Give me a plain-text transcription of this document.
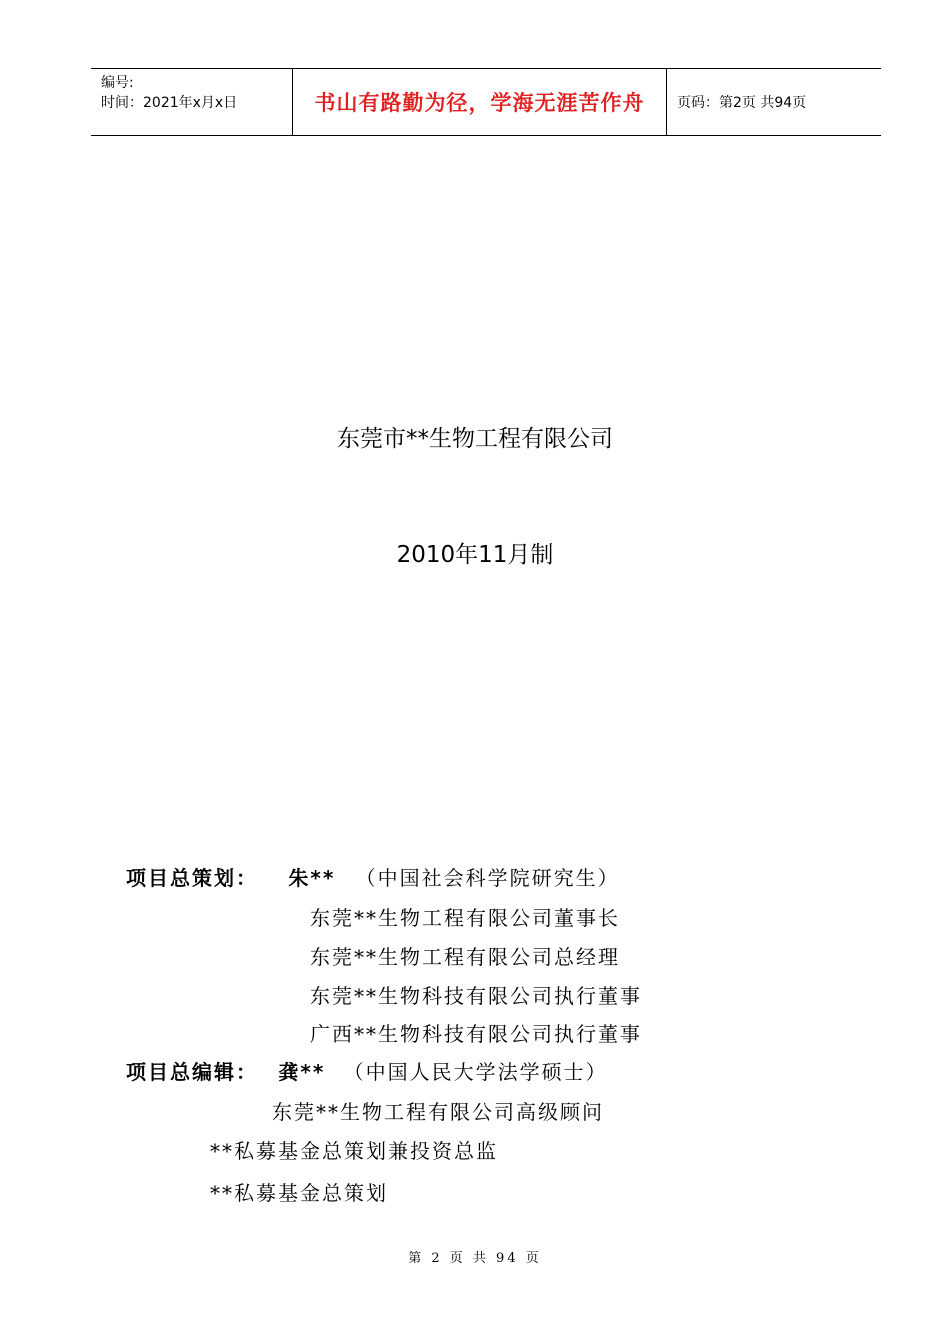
编号:
时间：2021年x月x日	书山有路勤为径，学海无涯苦作舟 页码：第2页 共94页
东莞市**生物工程有限公司
2010年11月制
项目总策划： 朱** （中国社会科学院研究生）
东莞**生物工程有限公司董事长
东莞**生物工程有限公司总经理
东莞**生物科技有限公司执行董事
广西**生物科技有限公司执行董事
项目总编辑： 龚** （中国人民大学法学硕士）
东莞**生物工程有限公司高级顾问
**私募基金总策划兼投资总监
**私募基金总策划
第 2 页 共 94 页
